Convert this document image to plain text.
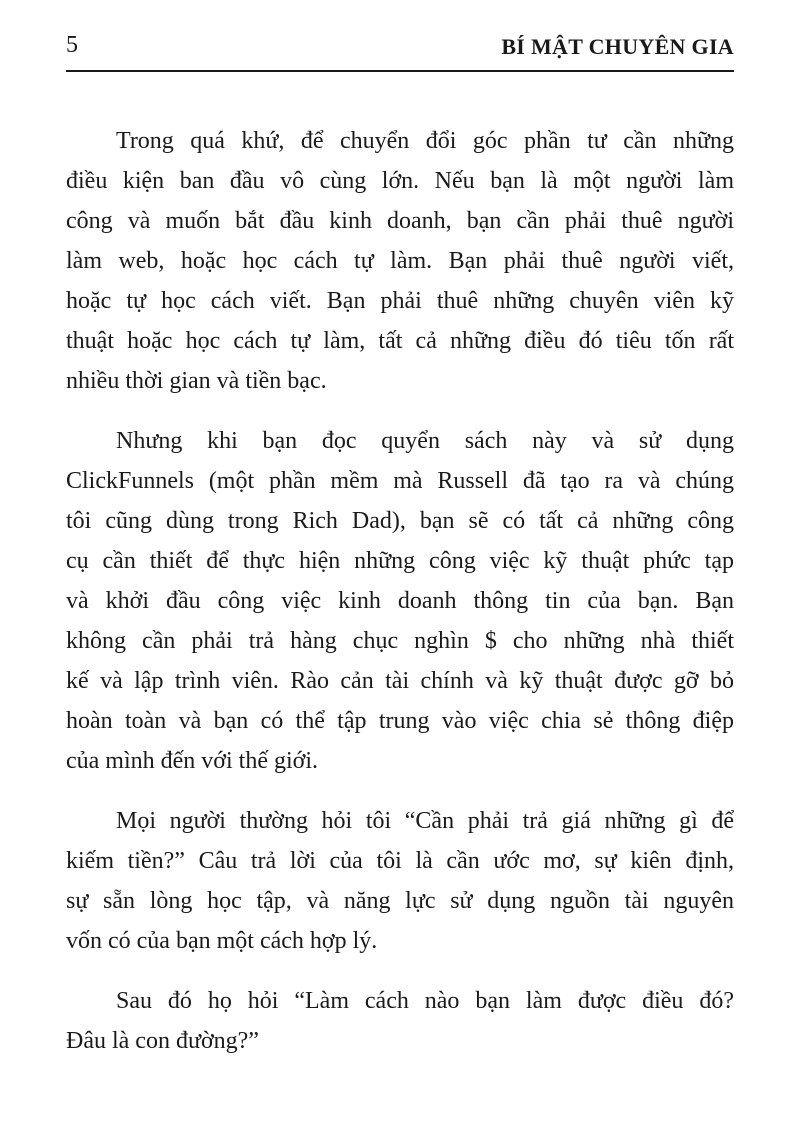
5	BÍ MẬT CHUYÊN GIA

Trong quá khứ, để chuyển đổi góc phần tư cần những
điều kiện ban đầu vô cùng lớn. Nếu bạn là một người làm
công và muốn bắt đầu kinh doanh, bạn cần phải thuê người
làm web, hoặc học cách tự làm. Bạn phải thuê người viết,
hoặc tự học cách viết. Bạn phải thuê những chuyên viên kỹ
thuật hoặc học cách tự làm, tất cả những điều đó tiêu tốn rất
nhiều thời gian và tiền bạc.

Nhưng khi bạn đọc quyển sách này và sử dụng
ClickFunnels (một phần mềm mà Russell đã tạo ra và chúng
tôi cũng dùng trong Rich Dad), bạn sẽ có tất cả những công
cụ cần thiết để thực hiện những công việc kỹ thuật phức tạp
và khởi đầu công việc kinh doanh thông tin của bạn. Bạn
không cần phải trả hàng chục nghìn $ cho những nhà thiết
kế và lập trình viên. Rào cản tài chính và kỹ thuật được gỡ bỏ
hoàn toàn và bạn có thể tập trung vào việc chia sẻ thông điệp
của mình đến với thế giới.

Mọi người thường hỏi tôi “Cần phải trả giá những gì để
kiếm tiền?” Câu trả lời của tôi là cần ước mơ, sự kiên định,
sự sẵn lòng học tập, và năng lực sử dụng nguồn tài nguyên
vốn có của bạn một cách hợp lý.

Sau đó họ hỏi “Làm cách nào bạn làm được điều đó?
Đâu là con đường?”
